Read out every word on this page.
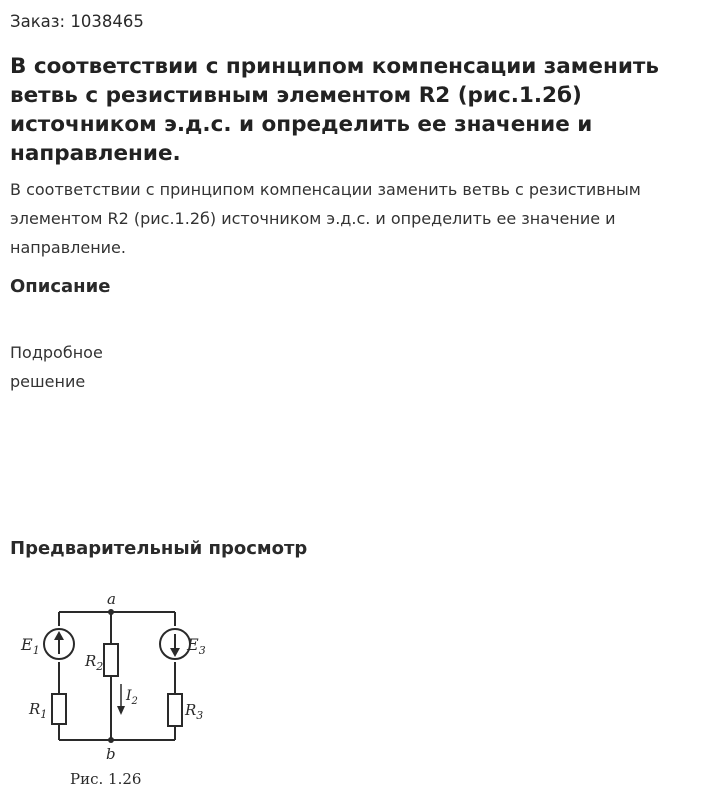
Заказ: 1038465
В соответствии с принципом компенсации заменить ветвь с резистивным элементом R2 (рис.1.2б) источником э.д.с. и определить ее значение и направление.

В соответствии с принципом компенсации заменить ветвь с резистивным элементом R2 (рис.1.2б) источником э.д.с. и определить ее значение и направление.

Описание

Подробное
решение

Предварительный просмотр
a
b
$E_1$	$E_3$
$R_1$
$R_2$
$R_3$
$I_2$
Рис. 1.26
